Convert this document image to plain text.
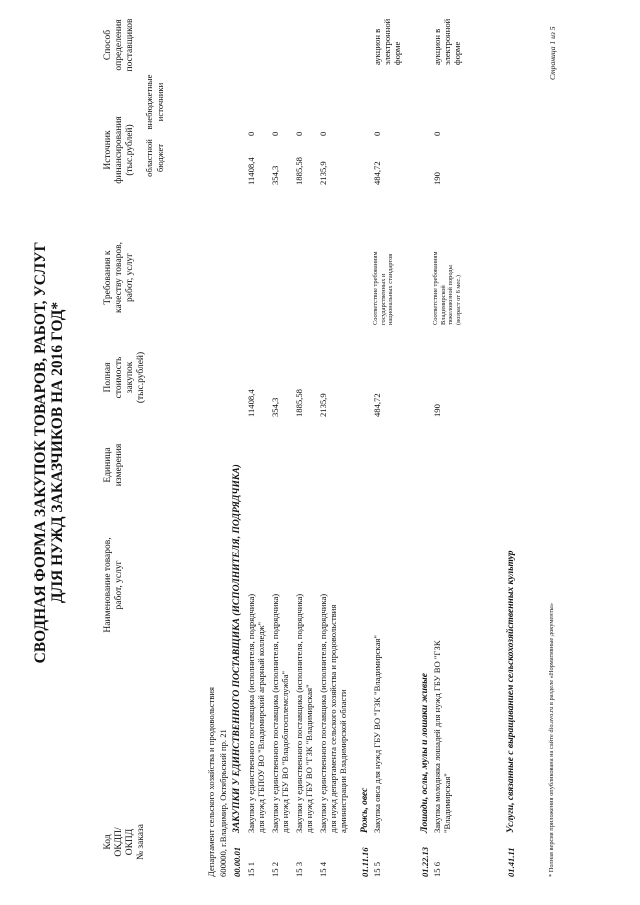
СВОДНАЯ ФОРМА ЗАКУПОК ТОВАРОВ, РАБОТ, УСЛУГ ДЛЯ НУЖД ЗАКАЗЧИКОВ НА 2016 ГОД*
Код ОКДП/ ОКПД № заказа
Наименование товаров, работ, услуг
Единица измерения
Полная стоимость закупок (тыс.рублей)
Требования к качеству товаров, работ, услуг
Источник финансирования (тыс.рублей) областной бюджет
внебюджетные источники
Способ определения поставщиков
Департамент сельского хозяйства и продовольствия 600000, г.Владимир, Октябрьский пр. 21 00.00.01
ЗАКУПКИ У ЕДИНСТВЕННОГО ПОСТАВЩИКА (ИСПОЛНИТЕЛЯ, ПОДРЯДЧИКА)
15 1
Закупки у единственного поставщика (исполнителя, подрядчика) для нужд ГБПОУ ВО "Владимирский аграрный колледж"
11408,4
11408,4
0
15 2
Закупки у единственного поставщика (исполнителя, подрядчика) для нужд ГБУ ВО "Владоблгосплемслужба"
354,3
354,3
0
15 3
Закупки у единственного поставщика (исполнителя, подрядчика) для нужд ГБУ ВО "ГЗК "Владимирская"
1885,58
1885,58
0
15 4
Закупки у единственного поставщика (исполнителя, подрядчика) для нужд департамента сельского хозяйства и продовольствия администрации Владимирской области
2135,9
2135,9
0
01.11.16
Рожь, овес
15 5
Закупка овса для нужд ГБУ ВО "ГЗК "Владимирская"
484,72
Соответствие требованиям государственных и национальных стандартов
484,72
0
аукцион в электронной форме
01.22.13
Лошади, ослы, мулы и лошаки живые
15 6
Закупка молодняка лошадей для нужд ГБУ ВО "ГЗК "Владимирская"
190
Соответствие требованиям Владимирской тяжеловозной породы (возраст от 6 мес.)
190
0
аукцион в электронной форме
01.41.11
Услуги, связанные с выращиванием сельскохозяйственных культур	* Полная версия приложения опубликована на сайте dio.avo.ru в разделе «Нормативные документы»
Страница 1 из 5
